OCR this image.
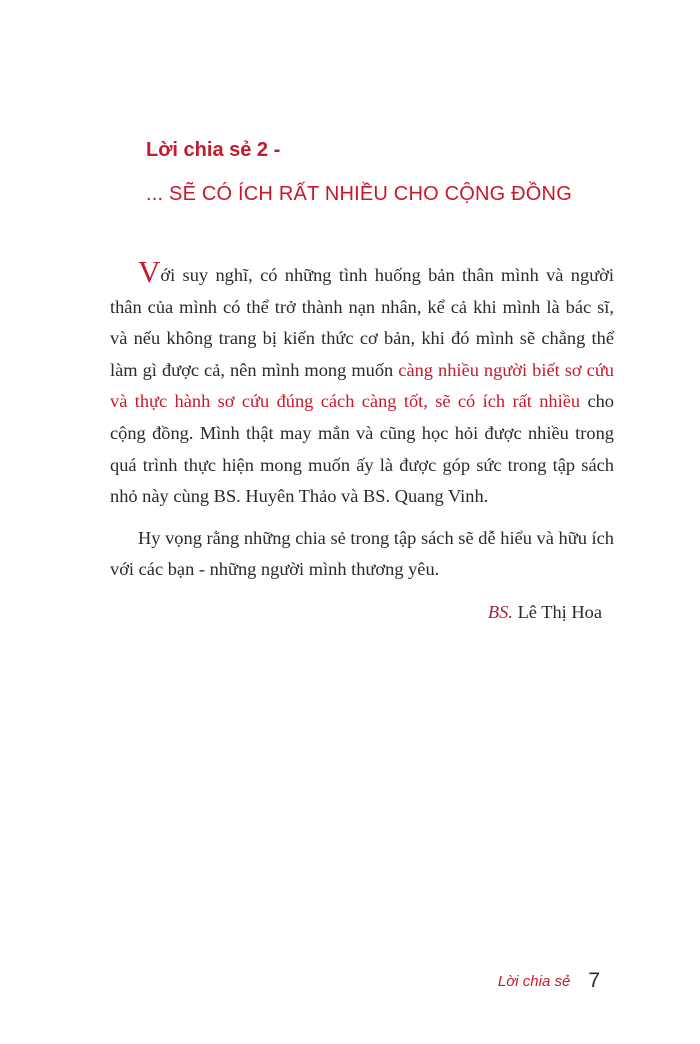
Lời chia sẻ 2 -

... SẼ CÓ ÍCH RẤT NHIỀU CHO CỘNG ĐỒNG

Với suy nghĩ, có những tình huống bản thân mình và người thân của mình có thể trở thành nạn nhân, kể cả khi mình là bác sĩ, và nếu không trang bị kiến thức cơ bản, khi đó mình sẽ chẳng thể làm gì được cả, nên mình mong muốn càng nhiều người biết sơ cứu và thực hành sơ cứu đúng cách càng tốt, sẽ có ích rất nhiều cho cộng đồng. Mình thật may mắn và cũng học hỏi được nhiều trong quá trình thực hiện mong muốn ấy là được góp sức trong tập sách nhỏ này cùng BS. Huyên Thảo và BS. Quang Vinh.

Hy vọng rằng những chia sẻ trong tập sách sẽ dễ hiểu và hữu ích với các bạn - những người mình thương yêu.

BS. Lê Thị Hoa
Lời chia sẻ 7
